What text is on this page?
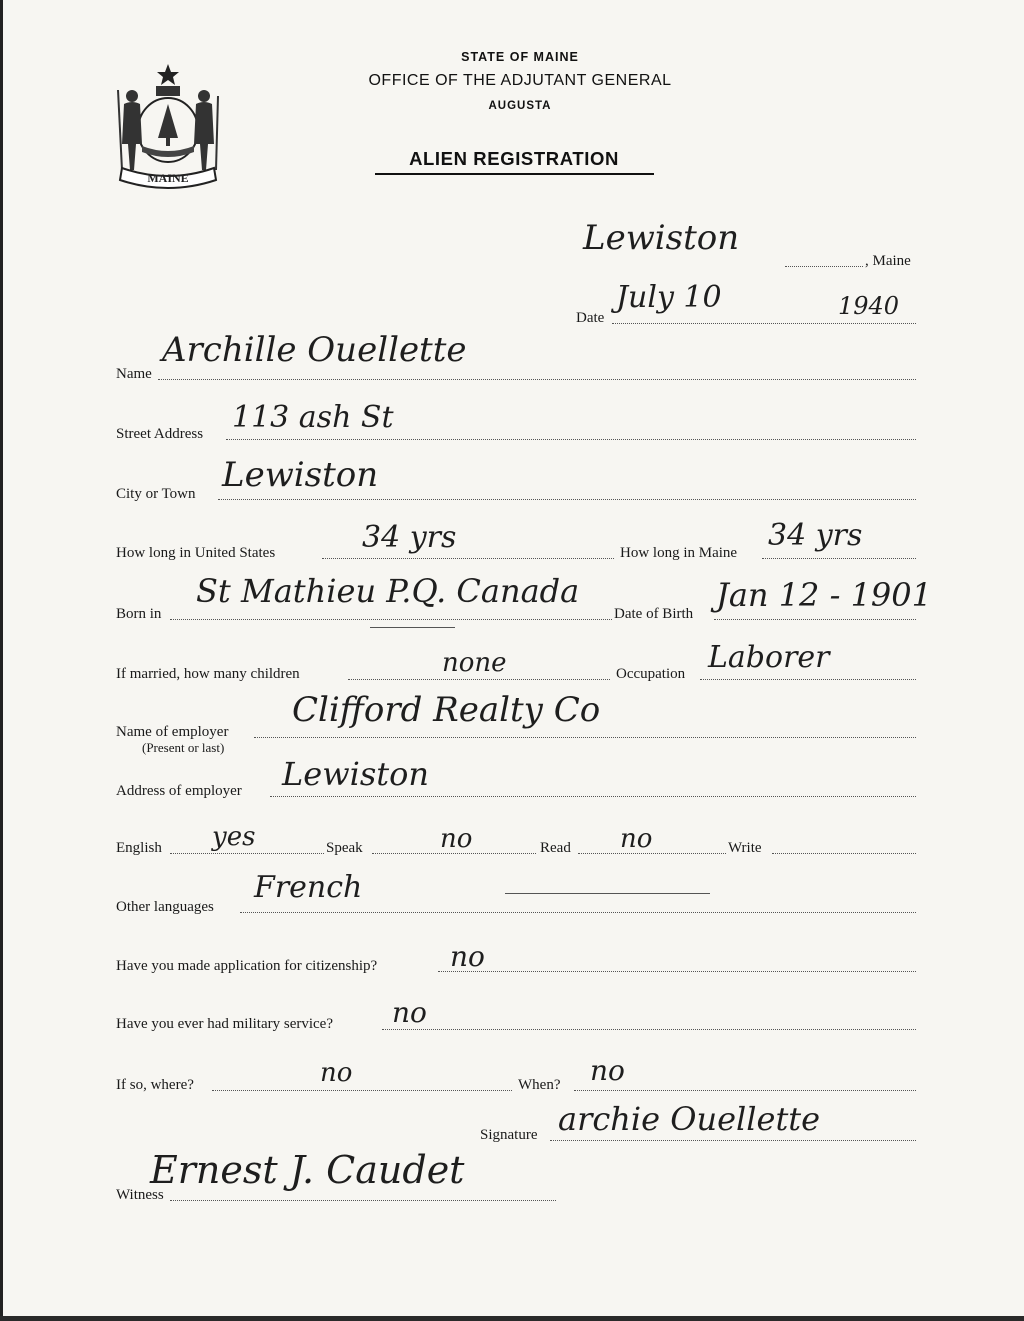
MAINE
STATE OF MAINE
OFFICE OF THE ADJUTANT GENERAL
AUGUSTA
ALIEN REGISTRATION
Lewiston
, Maine
Date
July 10	1940
Name
Archille Ouellette
Street Address 113 ash St
City or Town Lewiston
How long in United States	34 yrs	How long in Maine 34 yrs
Born in
St Mathieu P.Q. Canada
Date of Birth Jan 12 - 1901
If married, how many children	none	Occupation Laborer
Name of employer
(Present or last)
Clifford Realty Co
Address of employer Lewiston
English yes	Speak	no	Read no	Write
Other languages
French
Have you made application for citizenship?	no
Have you ever had military service? no
If so, where?	no	When? no
Signature archie Ouellette
Witness
Ernest J. Caudet
